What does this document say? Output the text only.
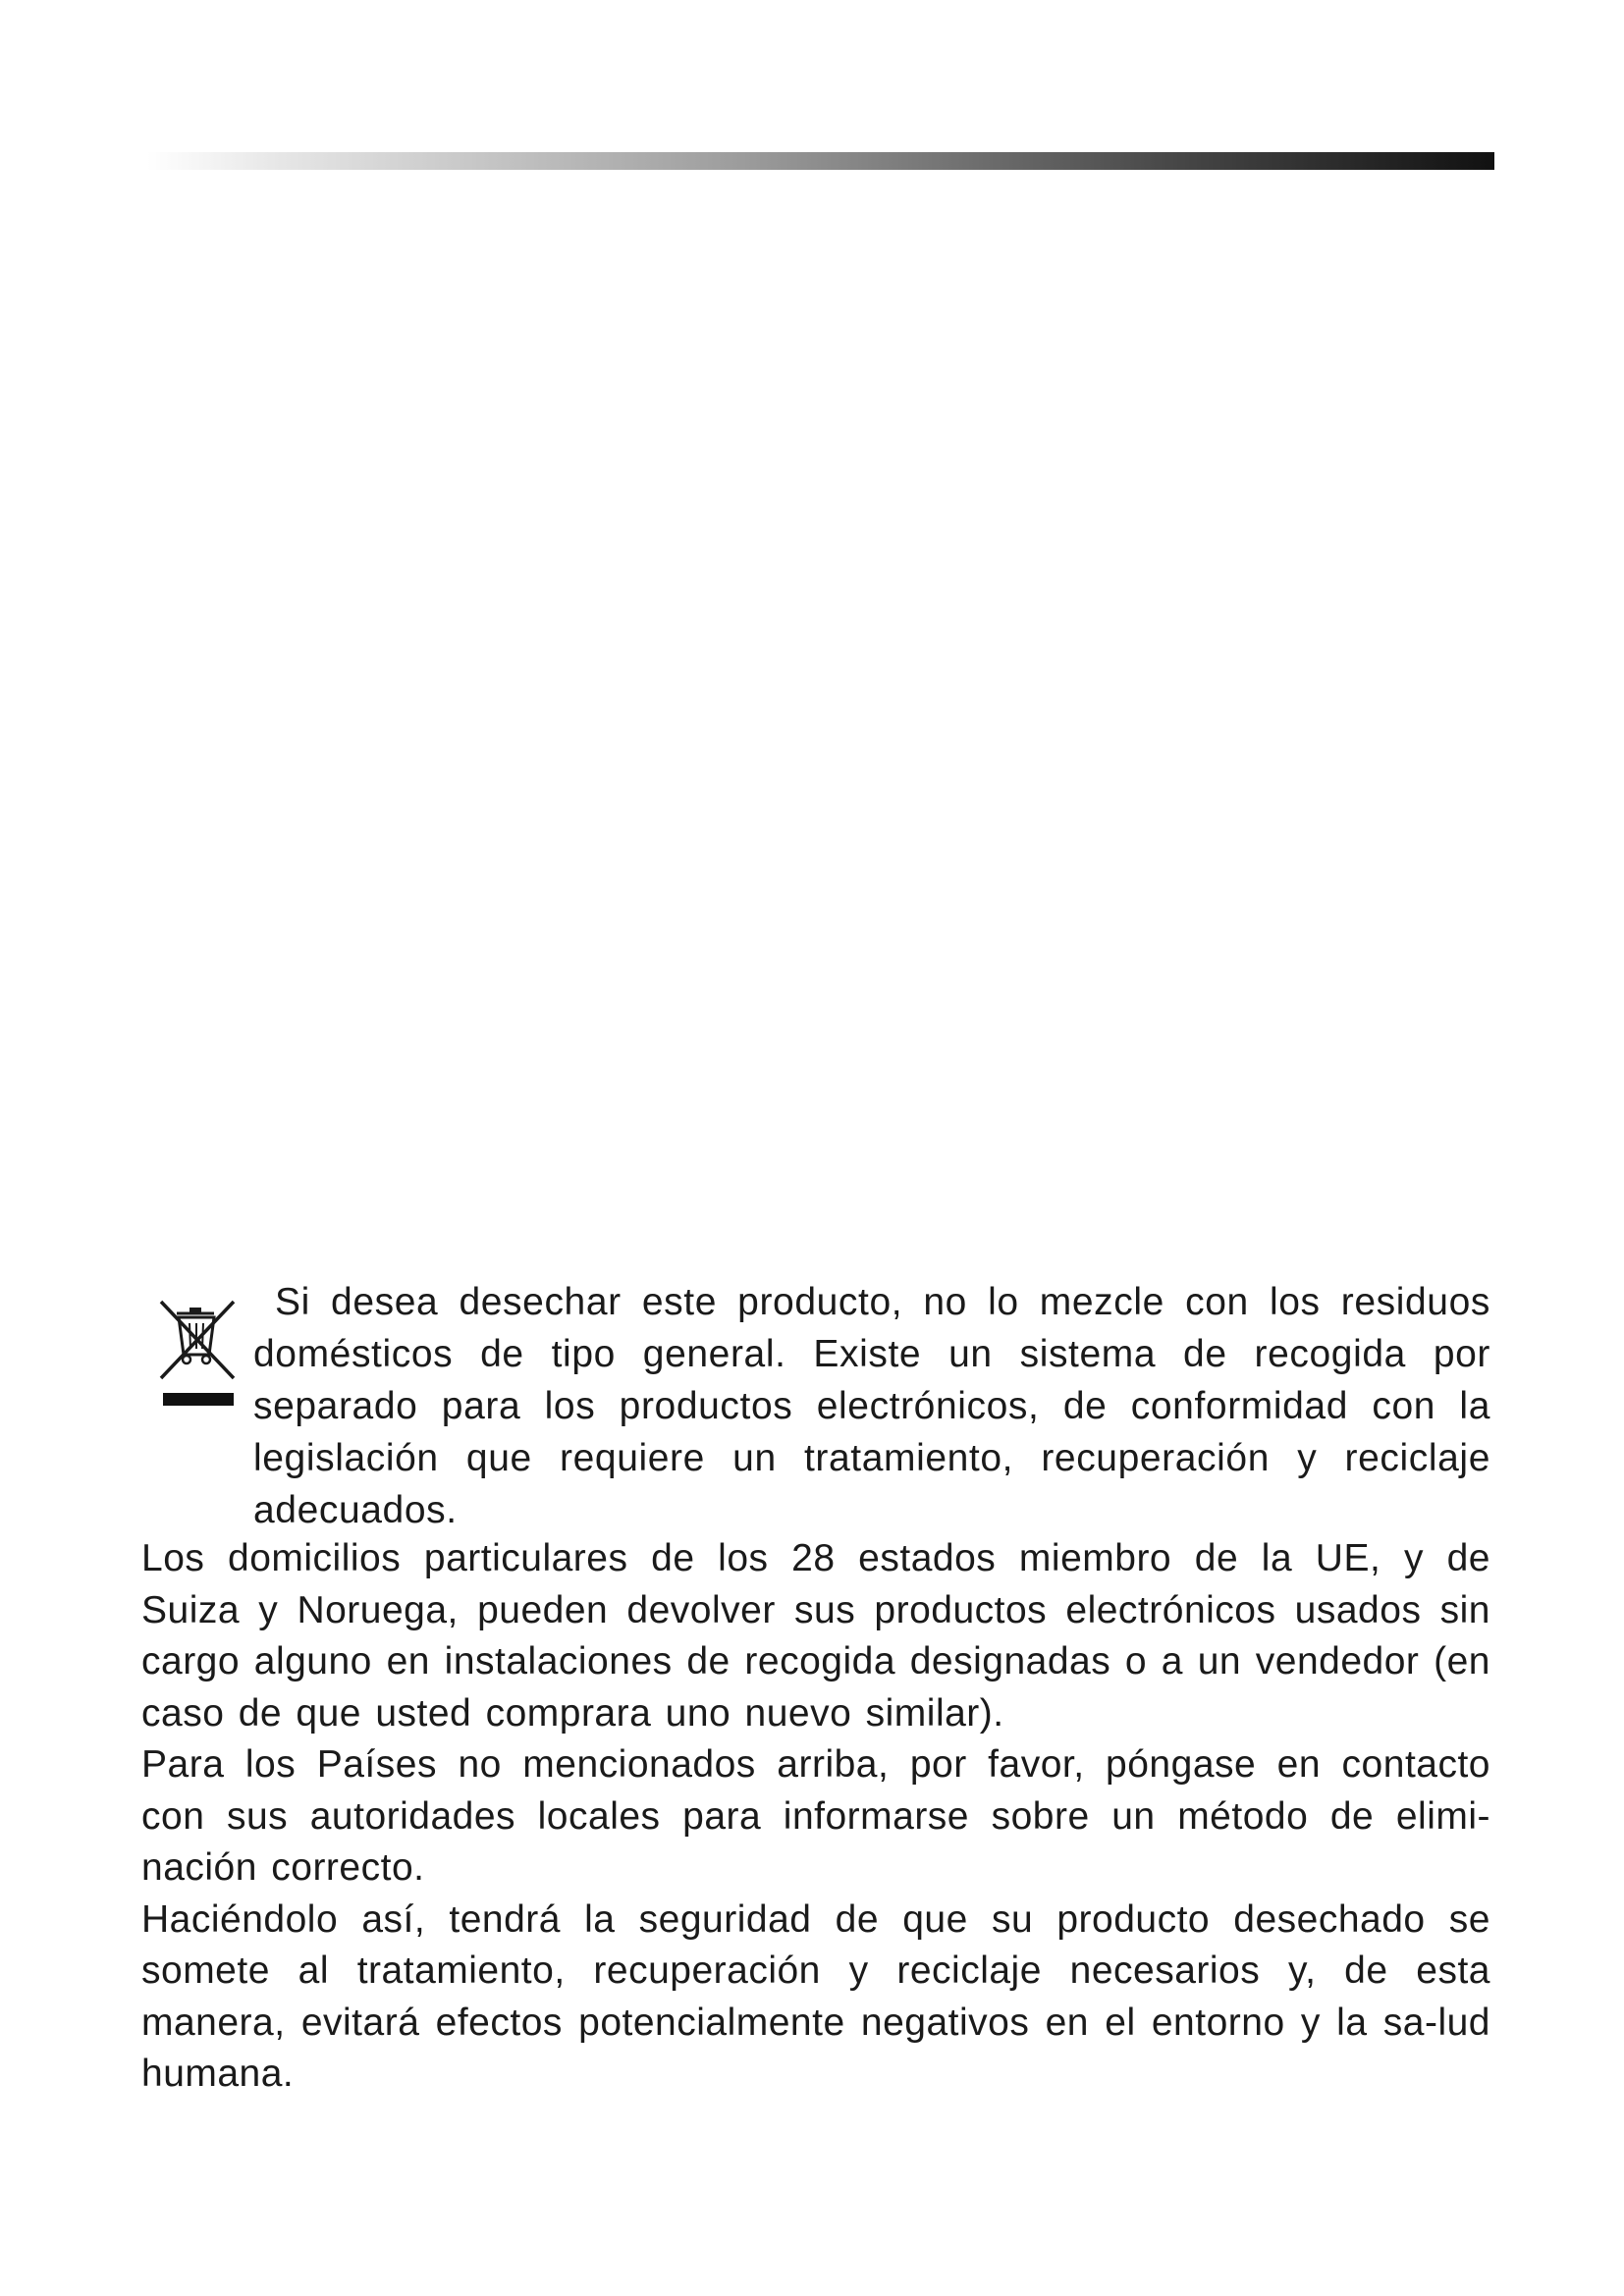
Si desea desechar este producto, no lo mezcle con los residuos domésticos de tipo general. Existe un sistema de recogida por separado para los productos electrónicos, de conformidad con la legislación que requiere un tratamiento, recuperación y reciclaje adecuados.

Los domicilios particulares de los 28 estados miembro de la UE, y de Suiza y Noruega, pueden devolver sus productos electrónicos usados sin cargo alguno en instalaciones de recogida designadas o a un vendedor (en caso de que usted comprara uno nuevo similar).

Para los Países no mencionados arriba, por favor, póngase en contacto con sus autoridades locales para informarse sobre un método de elimi-nación correcto.

Haciéndolo así, tendrá la seguridad de que su producto desechado se somete al tratamiento, recuperación y reciclaje necesarios y, de esta manera, evitará efectos potencialmente negativos en el entorno y la sa-lud humana.
